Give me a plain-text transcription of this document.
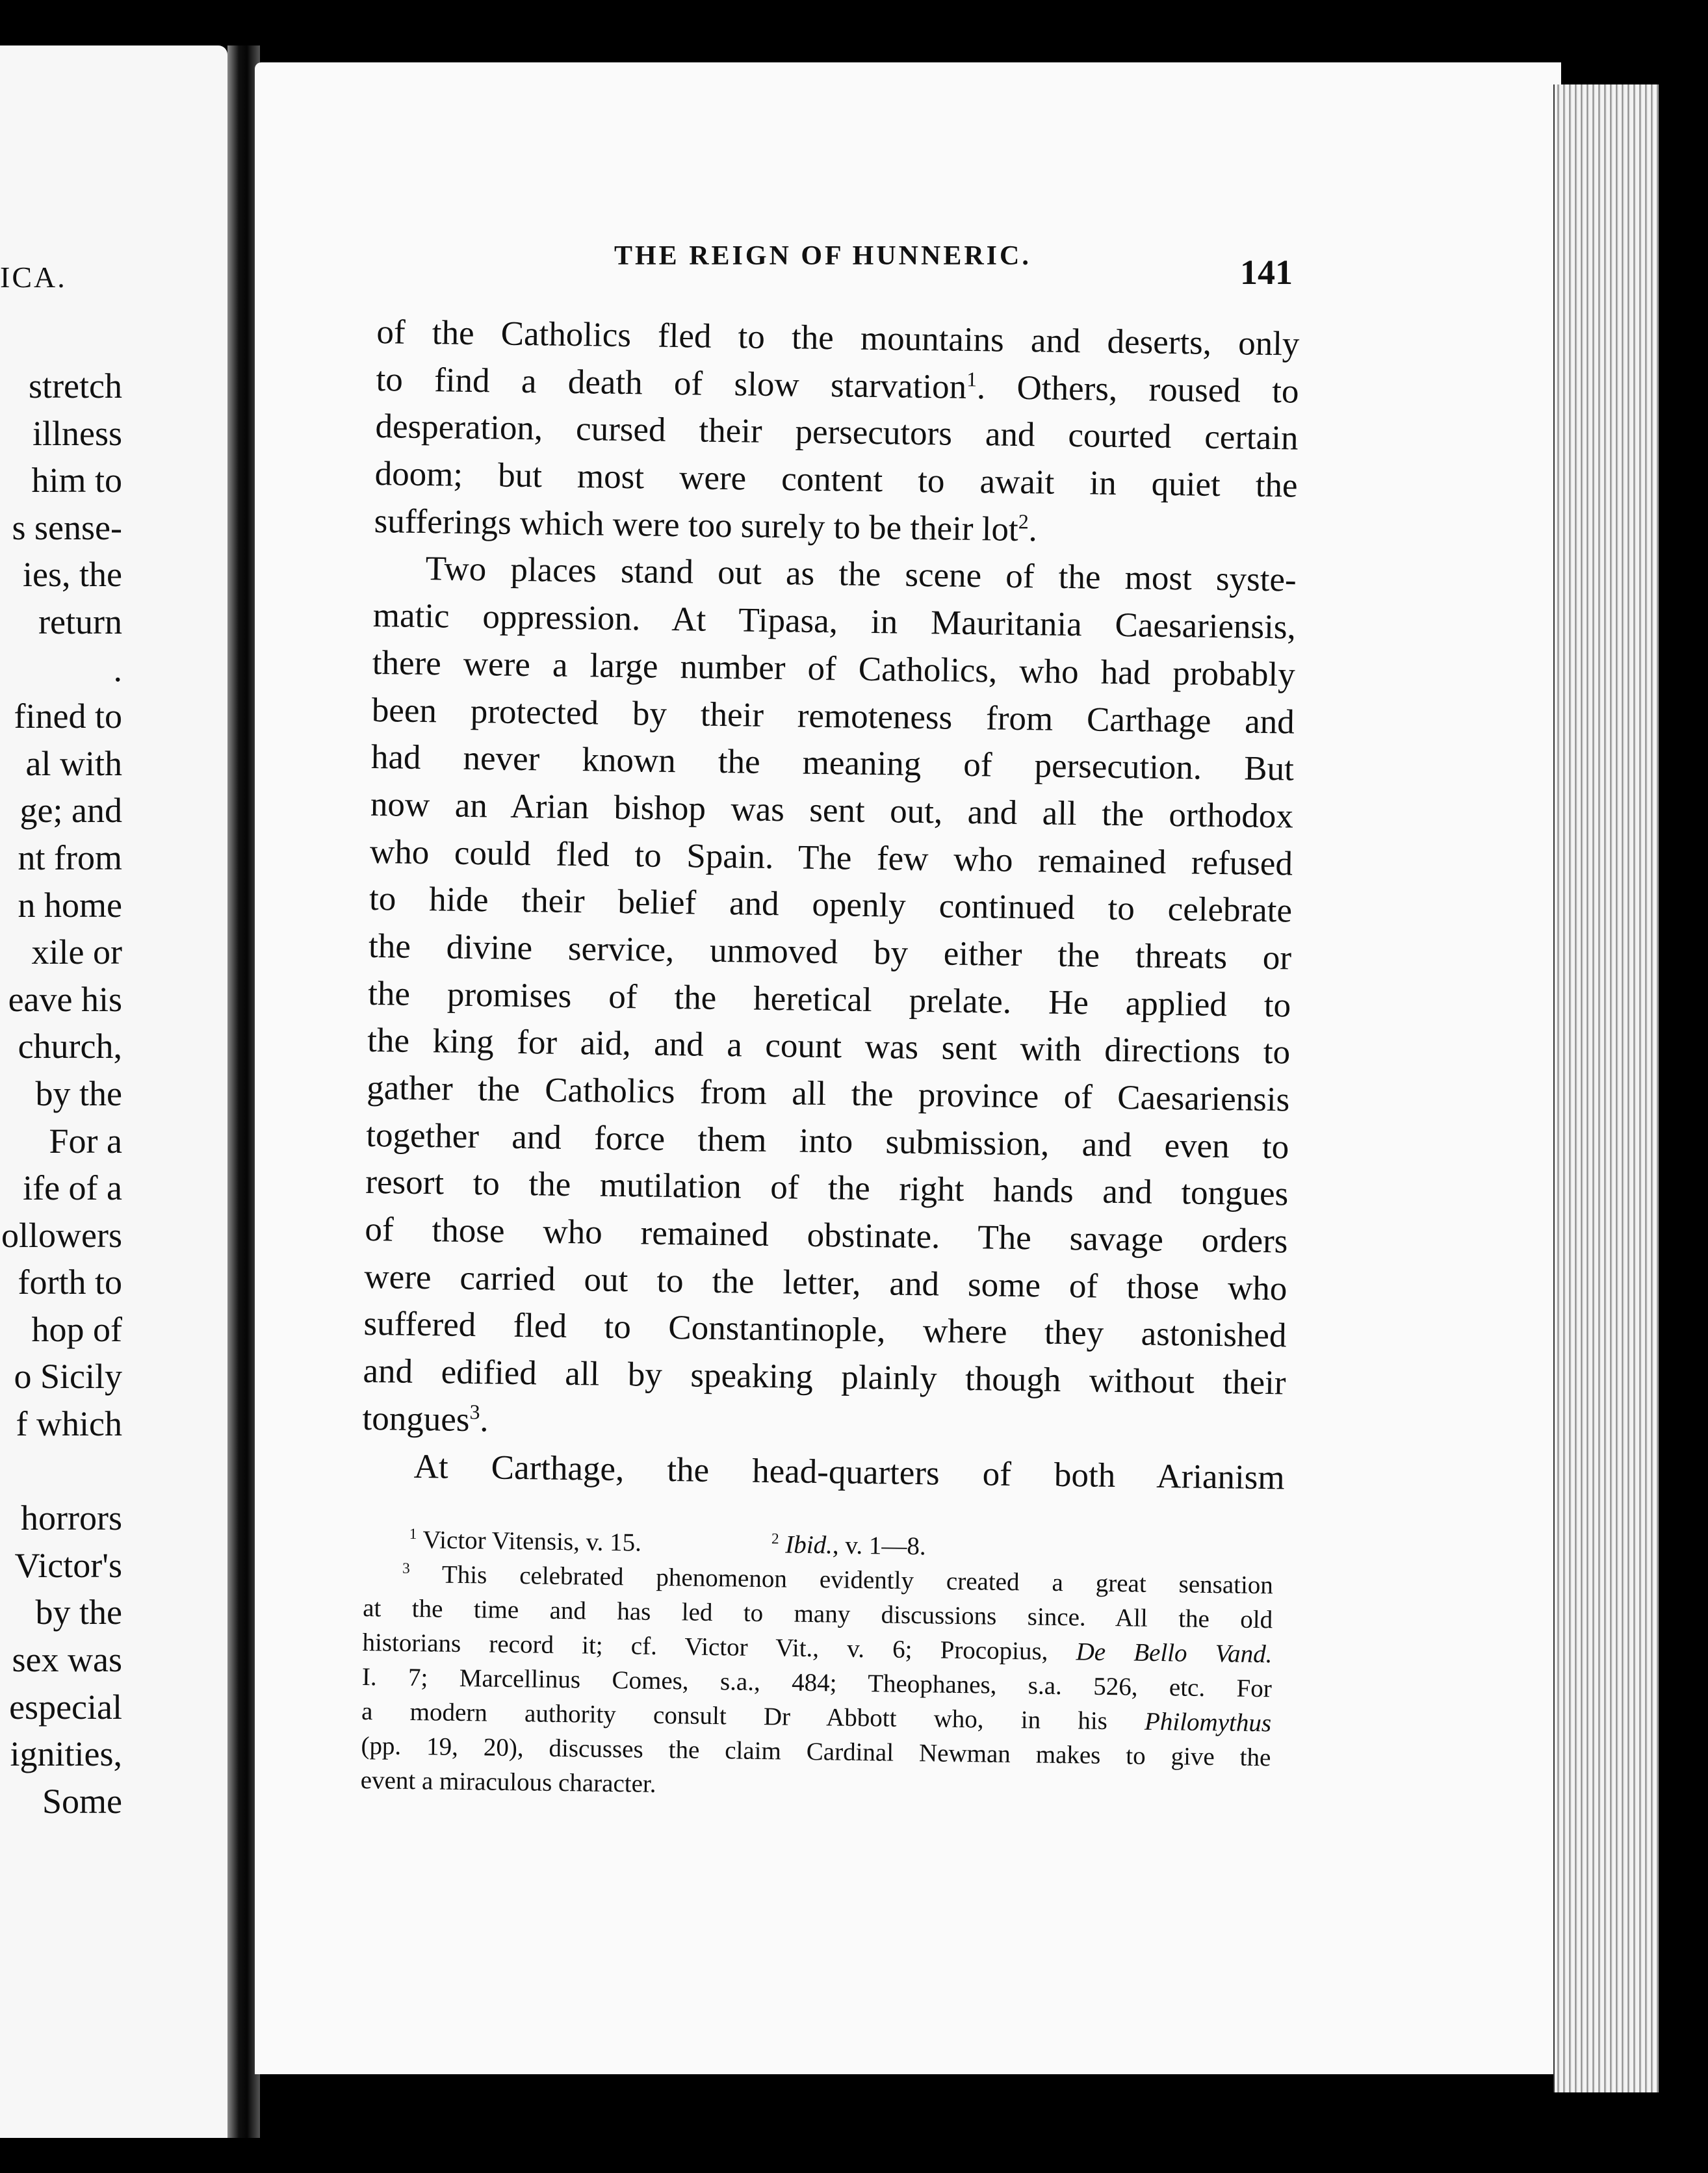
ICA.
stretch
illness
him to
s sense-
ies, the
return
.
fined to
al with
ge; and
nt from
n home
xile or
eave his
church,
by the
For a
ife of a
ollowers
forth to
hop of
o Sicily
f which
horrors
Victor's
by the
sex was
especial
ignities,
Some
THE REIGN OF HUNNERIC.	141
of the Catholics fled to the mountains and deserts, only
to find a death of slow starvation$^1$. Others, roused to
desperation, cursed their persecutors and courted certain
doom; but most were content to await in quiet the
sufferings which were too surely to be their lot$^2$.
Two places stand out as the scene of the most syste-
matic oppression. At Tipasa, in Mauritania Caesariensis,
there were a large number of Catholics, who had probably
been protected by their remoteness from Carthage and
had never known the meaning of persecution. But
now an Arian bishop was sent out, and all the orthodox
who could fled to Spain. The few who remained refused
to hide their belief and openly continued to celebrate
the divine service, unmoved by either the threats or
the promises of the heretical prelate. He applied to
the king for aid, and a count was sent with directions to
gather the Catholics from all the province of Caesariensis
together and force them into submission, and even to
resort to the mutilation of the right hands and tongues
of those who remained obstinate. The savage orders
were carried out to the letter, and some of those who
suffered fled to Constantinople, where they astonished
and edified all by speaking plainly though without their
tongues$^3$.
At Carthage, the head-quarters of both Arianism
$^1$ Victor Vitensis, v. 15.	$^2$ Ibid., v. 1—8.
$^3$ This celebrated phenomenon evidently created a great sensation
at the time and has led to many discussions since. All the old
historians record it; cf. Victor Vit., v. 6; Procopius, De Bello Vand.
I. 7; Marcellinus Comes, s.a., 484; Theophanes, s.a. 526, etc. For
a modern authority consult Dr Abbott who, in his Philomythus
(pp. 19, 20), discusses the claim Cardinal Newman makes to give the
event a miraculous character.
